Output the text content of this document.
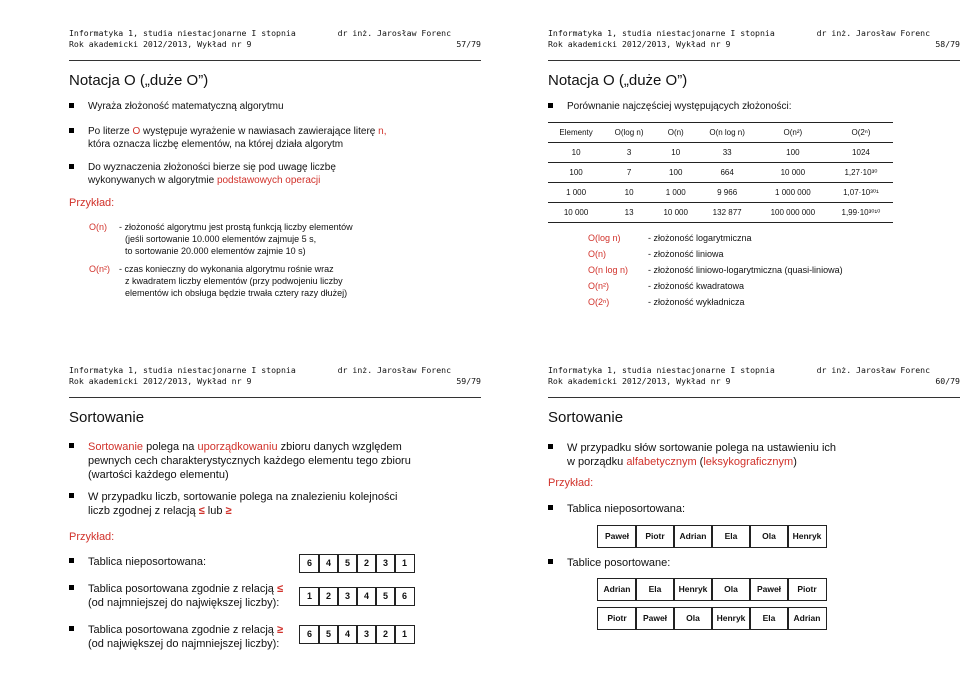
Informatyka 1, studia niestacjonarne I stopnia
Rok akademicki 2012/2013, Wykład nr 9
dr inż. Jarosław Forenc
57/79
Notacja O („duże O”)
Wyraża złożoność matematyczną algorytmu
Po literze O występuje wyrażenie w nawiasach zawierające literę n,
która oznacza liczbę elementów, na której działa algorytm
Do wyznaczenia złożoności bierze się pod uwagę liczbę
wykonywanych w algorytmie podstawowych operacji
Przykład:
O(n) - złożoność algorytmu jest prostą funkcją liczby elementów
(jeśli sortowanie 10.000 elementów zajmuje 5 s,
to sortowanie 20.000 elementów zajmie 10 s)
O(n²) - czas konieczny do wykonania algorytmu rośnie wraz
z kwadratem liczby elementów (przy podwojeniu liczby
elementów ich obsługa będzie trwała cztery razy dłużej)
Informatyka 1, studia niestacjonarne I stopnia
Rok akademicki 2012/2013, Wykład nr 9
dr inż. Jarosław Forenc
58/79
Notacja O („duże O”)
Porównanie najczęściej występujących złożoności:
Elementy	O(log n)	O(n)	O(n log n)	O(n²)	O(2ⁿ)
10	3	10	33	100	1024
100	7	100	664	10 000	1,27·10³⁰
1 000	10	1 000	9 966	1 000 000	1,07·10³⁰¹
10 000	13	10 000	132 877	100 000 000	1,99·10³⁰¹⁰
O(log n)	- złożoność logarytmiczna
O(n)	- złożoność liniowa
O(n log n) - złożoność liniowo-logarytmiczna (quasi-liniowa)
O(n²)	- złożoność kwadratowa
O(2ⁿ)	- złożoność wykładnicza
Informatyka 1, studia niestacjonarne I stopnia
Rok akademicki 2012/2013, Wykład nr 9
dr inż. Jarosław Forenc
59/79
Sortowanie
Sortowanie polega na uporządkowaniu zbioru danych względem
pewnych cech charakterystycznych każdego elementu tego zbioru
(wartości każdego elementu)
W przypadku liczb, sortowanie polega na znalezieniu kolejności
liczb zgodnej z relacją ≤ lub ≥
Przykład:
Tablica nieposortowana:	6	4	5	2	3	1
Tablica posortowana zgodnie z relacją ≤
(od najmniejszej do największej liczby):
1	2	3	4	5	6
Tablica posortowana zgodnie z relacją ≥
(od największej do najmniejszej liczby):
6	5	4	3	2	1
Informatyka 1, studia niestacjonarne I stopnia
Rok akademicki 2012/2013, Wykład nr 9
dr inż. Jarosław Forenc
60/79
Sortowanie
W przypadku słów sortowanie polega na ustawieniu ich
w porządku alfabetycznym (leksykograficznym)
Przykład:
Tablica nieposortowana:
Paweł	Piotr	Adrian	Ela	Ola	Henryk
Tablice posortowane:
Adrian	Ela	Henryk	Ola	Paweł	Piotr
Piotr	Paweł	Ola	Henryk	Ela	Adrian
